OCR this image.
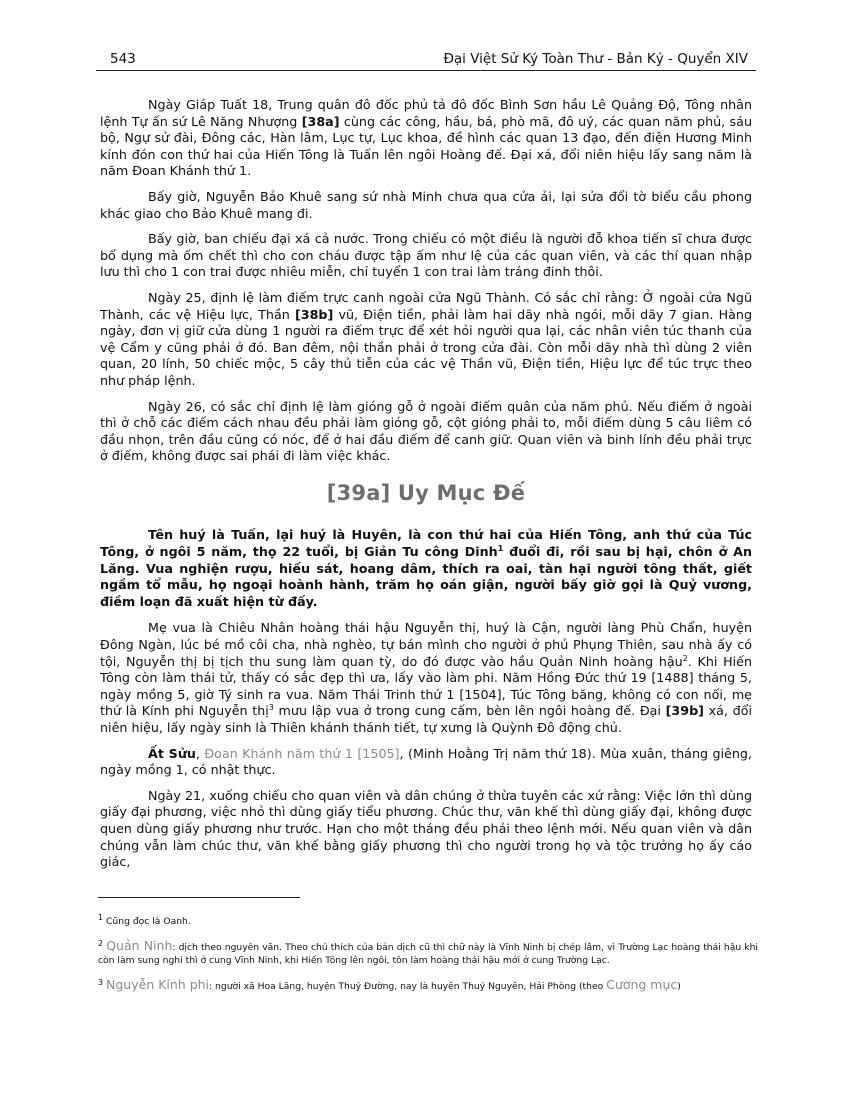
543	Đại Việt Sử Ký Toàn Thư - Bản Kỷ - Quyển XIV

Ngày Giáp Tuất 18, Trung quân đô đốc phủ tả đô đốc Bình Sơn hầu Lê Quảng Độ, Tông nhân lệnh Tự ấn sứ Lê Năng Nhượng [38a] cùng các công, hầu, bá, phò mã, đô uý, các quan năm phủ, sáu bộ, Ngự sử đài, Đông các, Hàn lâm, Lục tự, Lục khoa, đề hình các quan 13 đạo, đến điện Hương Minh kính đón con thứ hai của Hiến Tông là Tuấn lên ngôi Hoàng đế. Đại xá, đổi niên hiệu lấy sang năm là năm Đoan Khánh thứ 1.

Bấy giờ, Nguyễn Bảo Khuê sang sứ nhà Minh chưa qua cửa ải, lại sửa đổi tờ biểu cầu phong khác giao cho Bảo Khuê mang đi.

Bấy giờ, ban chiếu đại xá cả nước. Trong chiếu có một điều là người đỗ khoa tiến sĩ chưa được bổ dụng mà ốm chết thì cho con cháu được tập ấm như lệ của các quan viên, và các thí quan nhập lưu thì cho 1 con trai được nhiêu miễn, chỉ tuyển 1 con trai làm tráng đinh thôi.

Ngày 25, định lệ làm điếm trực canh ngoài cửa Ngũ Thành. Có sắc chỉ rằng: Ở ngoài cửa Ngũ Thành, các vệ Hiệu lực, Thần [38b] vũ, Điện tiền, phải làm hai dãy nhà ngói, mỗi dãy 7 gian. Hàng ngày, đơn vị giữ cửa dùng 1 người ra điếm trực để xét hỏi người qua lại, các nhân viên túc thanh của vệ Cẩm y cũng phải ở đó. Ban đêm, nội thần phải ở trong cửa đài. Còn mỗi dãy nhà thì dùng 2 viên quan, 20 lính, 50 chiếc mộc, 5 cây thủ tiễn của các vệ Thần vũ, Điện tiền, Hiệu lực để túc trực theo như pháp lệnh.

Ngày 26, có sắc chỉ định lệ làm gióng gỗ ở ngoài điếm quân của năm phủ. Nếu điếm ở ngoài thì ở chỗ các điếm cách nhau đều phải làm gióng gỗ, cột gióng phải to, mỗi điếm dùng 5 câu liêm có đầu nhọn, trên đầu cũng có nóc, để ở hai đầu điếm để canh giữ. Quan viên và binh lính đều phải trực ở điếm, không được sai phái đi làm việc khác.

[39a] Uy Mục Đế

Tên huý là Tuấn, lại huý là Huyên, là con thứ hai của Hiến Tông, anh thứ của Túc Tông, ở ngôi 5 năm, thọ 22 tuổi, bị Giản Tu công Dinh$^1$ đuổi đi, rồi sau bị hại, chôn ở An Lăng. Vua nghiện rượu, hiếu sát, hoang dâm, thích ra oai, tàn hại người tông thất, giết ngầm tổ mẫu, họ ngoại hoành hành, trăm họ oán giận, người bấy giờ gọi là Quỷ vương, điềm loạn đã xuất hiện từ đấy.

Mẹ vua là Chiêu Nhân hoàng thái hậu Nguyễn thị, huý là Cận, người làng Phù Chẩn, huyện Đông Ngàn, lúc bé mồ côi cha, nhà nghèo, tự bán mình cho người ở phủ Phụng Thiên, sau nhà ấy có tội, Nguyễn thị bị tịch thu sung làm quan tỳ, do đó được vào hầu Quản Ninh hoàng hậu$^2$. Khi Hiến Tông còn làm thái tử, thấy có sắc đẹp thì ưa, lấy vào làm phi. Năm Hồng Đức thứ 19 [1488] tháng 5, ngày mồng 5, giờ Tý sinh ra vua. Năm Thái Trinh thứ 1 [1504], Túc Tông băng, không có con nối, mẹ thứ là Kính phi Nguyễn thị$^3$ mưu lập vua ở trong cung cấm, bèn lên ngôi hoàng đế. Đại [39b] xá, đổi niên hiệu, lấy ngày sinh là Thiên khánh thánh tiết, tự xưng là Quỳnh Đô động chủ.

Ất Sửu, Đoan Khánh năm thứ 1 [1505], (Minh Hoằng Trị năm thứ 18). Mùa xuân, tháng giêng, ngày mồng 1, có nhật thực.

Ngày 21, xuống chiếu cho quan viên và dân chúng ở thừa tuyên các xứ rằng: Việc lớn thì dùng giấy đại phương, việc nhỏ thì dùng giấy tiểu phương. Chúc thư, văn khế thì dùng giấy đại, không được quen dùng giấy phương như trước. Hạn cho một tháng đều phải theo lệnh mới. Nếu quan viên và dân chúng vẫn làm chúc thư, văn khế bằng giấy phương thì cho người trong họ và tộc trưởng họ ấy cáo giác,

$^1$ Cũng đọc là Oanh.
$^2$ Quản Ninh: dịch theo nguyên văn. Theo chú thích của bản dịch cũ thì chữ này là Vĩnh Ninh bị chép lầm, vì Trường Lạc hoàng thái hậu khi còn làm sung nghi thì ở cung Vĩnh Ninh, khi Hiến Tông lên ngôi, tôn làm hoàng thái hậu mới ở cung Trường Lạc.
$^3$ Nguyễn Kính phi: người xã Hoa Lăng, huyện Thuỷ Đường, nay là huyện Thuỷ Nguyên, Hải Phòng (theo Cương mục)
